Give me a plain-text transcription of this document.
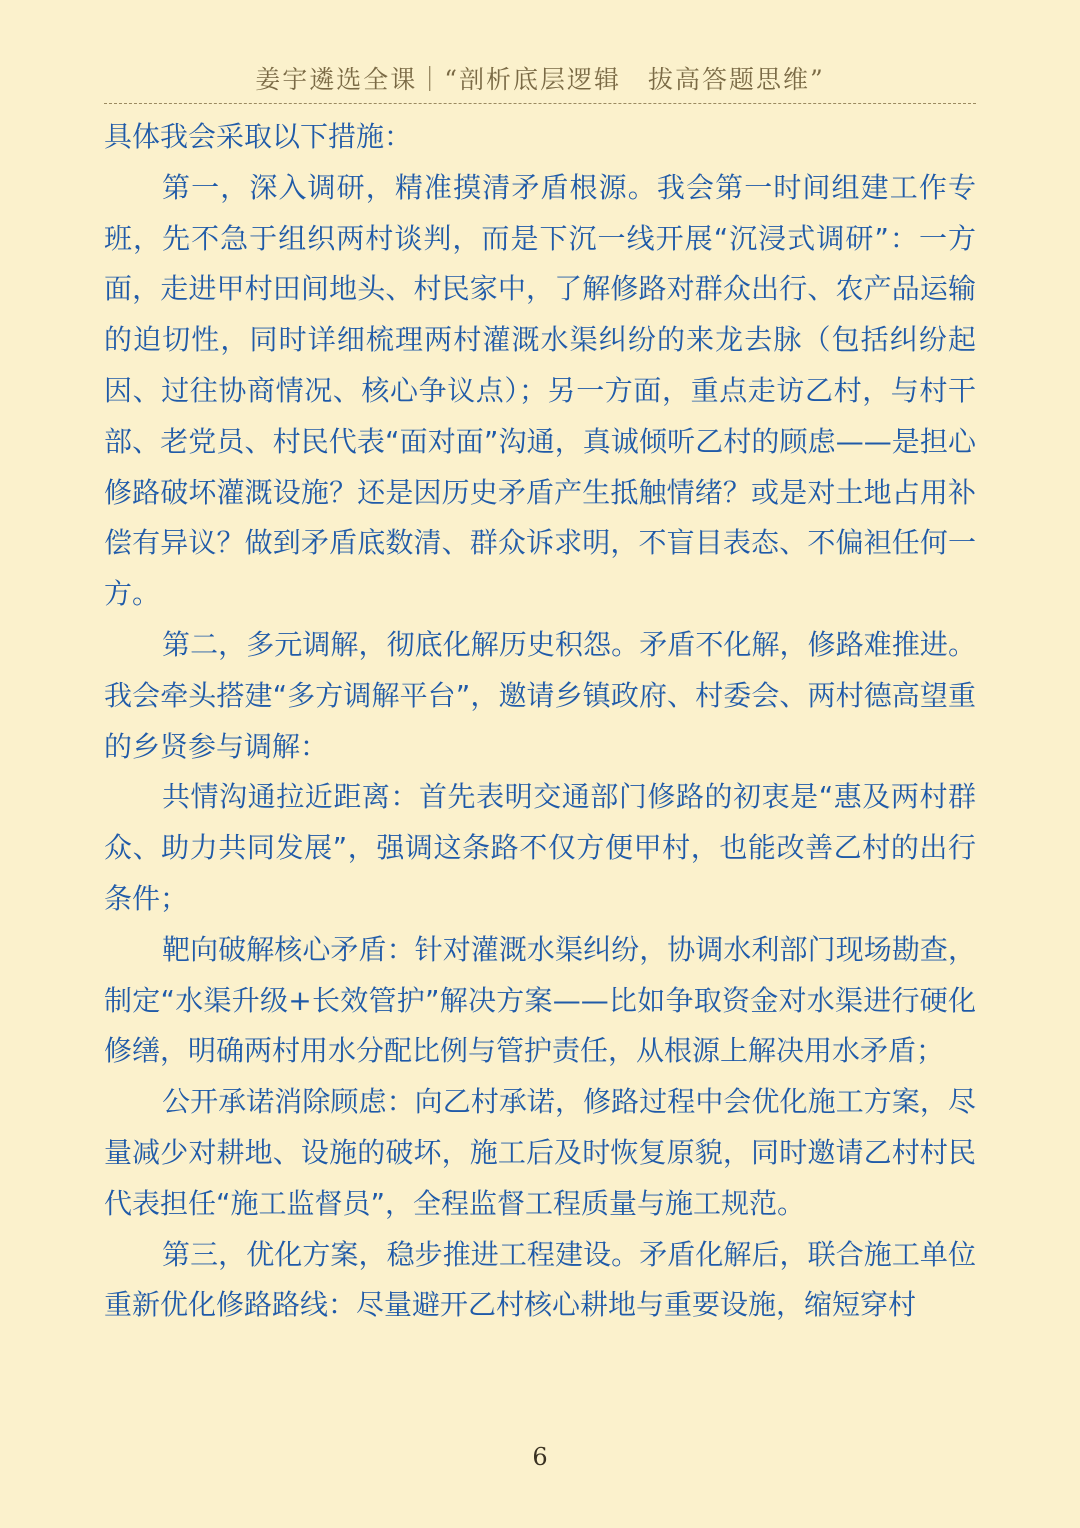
姜宇遴选全课｜“剖析底层逻辑　拔高答题思维”

具体我会采取以下措施：

第一，深入调研，精准摸清矛盾根源。我会第一时间组建工作专班，先不急于组织两村谈判，而是下沉一线开展“沉浸式调研”：一方面，走进甲村田间地头、村民家中，了解修路对群众出行、农产品运输的迫切性，同时详细梳理两村灌溉水渠纠纷的来龙去脉（包括纠纷起因、过往协商情况、核心争议点）；另一方面，重点走访乙村，与村干部、老党员、村民代表“面对面”沟通，真诚倾听乙村的顾虑——是担心修路破坏灌溉设施？还是因历史矛盾产生抵触情绪？或是对土地占用补偿有异议？做到矛盾底数清、群众诉求明，不盲目表态、不偏袒任何一方。

第二，多元调解，彻底化解历史积怨。矛盾不化解，修路难推进。我会牵头搭建“多方调解平台”，邀请乡镇政府、村委会、两村德高望重的乡贤参与调解：

共情沟通拉近距离：首先表明交通部门修路的初衷是“惠及两村群众、助力共同发展”，强调这条路不仅方便甲村，也能改善乙村的出行条件；

靶向破解核心矛盾：针对灌溉水渠纠纷，协调水利部门现场勘查，制定“水渠升级+长效管护”解决方案——比如争取资金对水渠进行硬化修缮，明确两村用水分配比例与管护责任，从根源上解决用水矛盾；

公开承诺消除顾虑：向乙村承诺，修路过程中会优化施工方案，尽量减少对耕地、设施的破坏，施工后及时恢复原貌，同时邀请乙村村民代表担任“施工监督员”，全程监督工程质量与施工规范。

第三，优化方案，稳步推进工程建设。矛盾化解后，联合施工单位重新优化修路路线：尽量避开乙村核心耕地与重要设施，缩短穿村

6
